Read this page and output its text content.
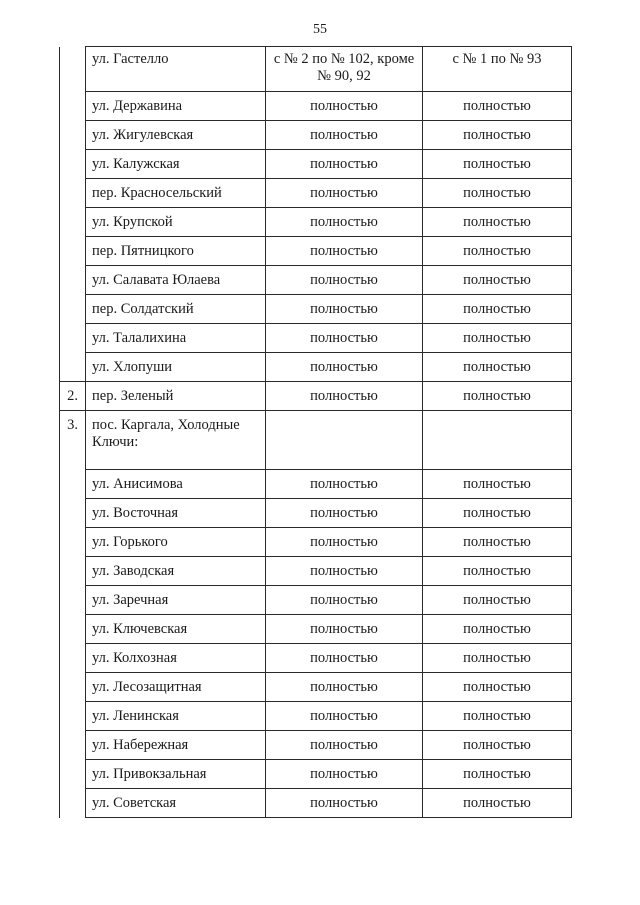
55
	ул. Гастелло	с № 2 по № 102, кроме № 90, 92	с № 1 по № 93
	ул. Державина	полностью	полностью
	ул. Жигулевская	полностью	полностью
	ул. Калужская	полностью	полностью
	пер. Красносельский	полностью	полностью
	ул. Крупской	полностью	полностью
	пер. Пятницкого	полностью	полностью
	ул. Салавата Юлаева	полностью	полностью
	пер. Солдатский	полностью	полностью
	ул. Талалихина	полностью	полностью
	ул. Хлопуши	полностью	полностью
2.	пер. Зеленый	полностью	полностью
3.	пос. Каргала, Холодные Ключи:		
	ул. Анисимова	полностью	полностью
	ул. Восточная	полностью	полностью
	ул. Горького	полностью	полностью
	ул. Заводская	полностью	полностью
	ул. Заречная	полностью	полностью
	ул. Ключевская	полностью	полностью
	ул. Колхозная	полностью	полностью
	ул. Лесозащитная	полностью	полностью
	ул. Ленинская	полностью	полностью
	ул. Набережная	полностью	полностью
	ул. Привокзальная	полностью	полностью
	ул. Советская	полностью	полностью
